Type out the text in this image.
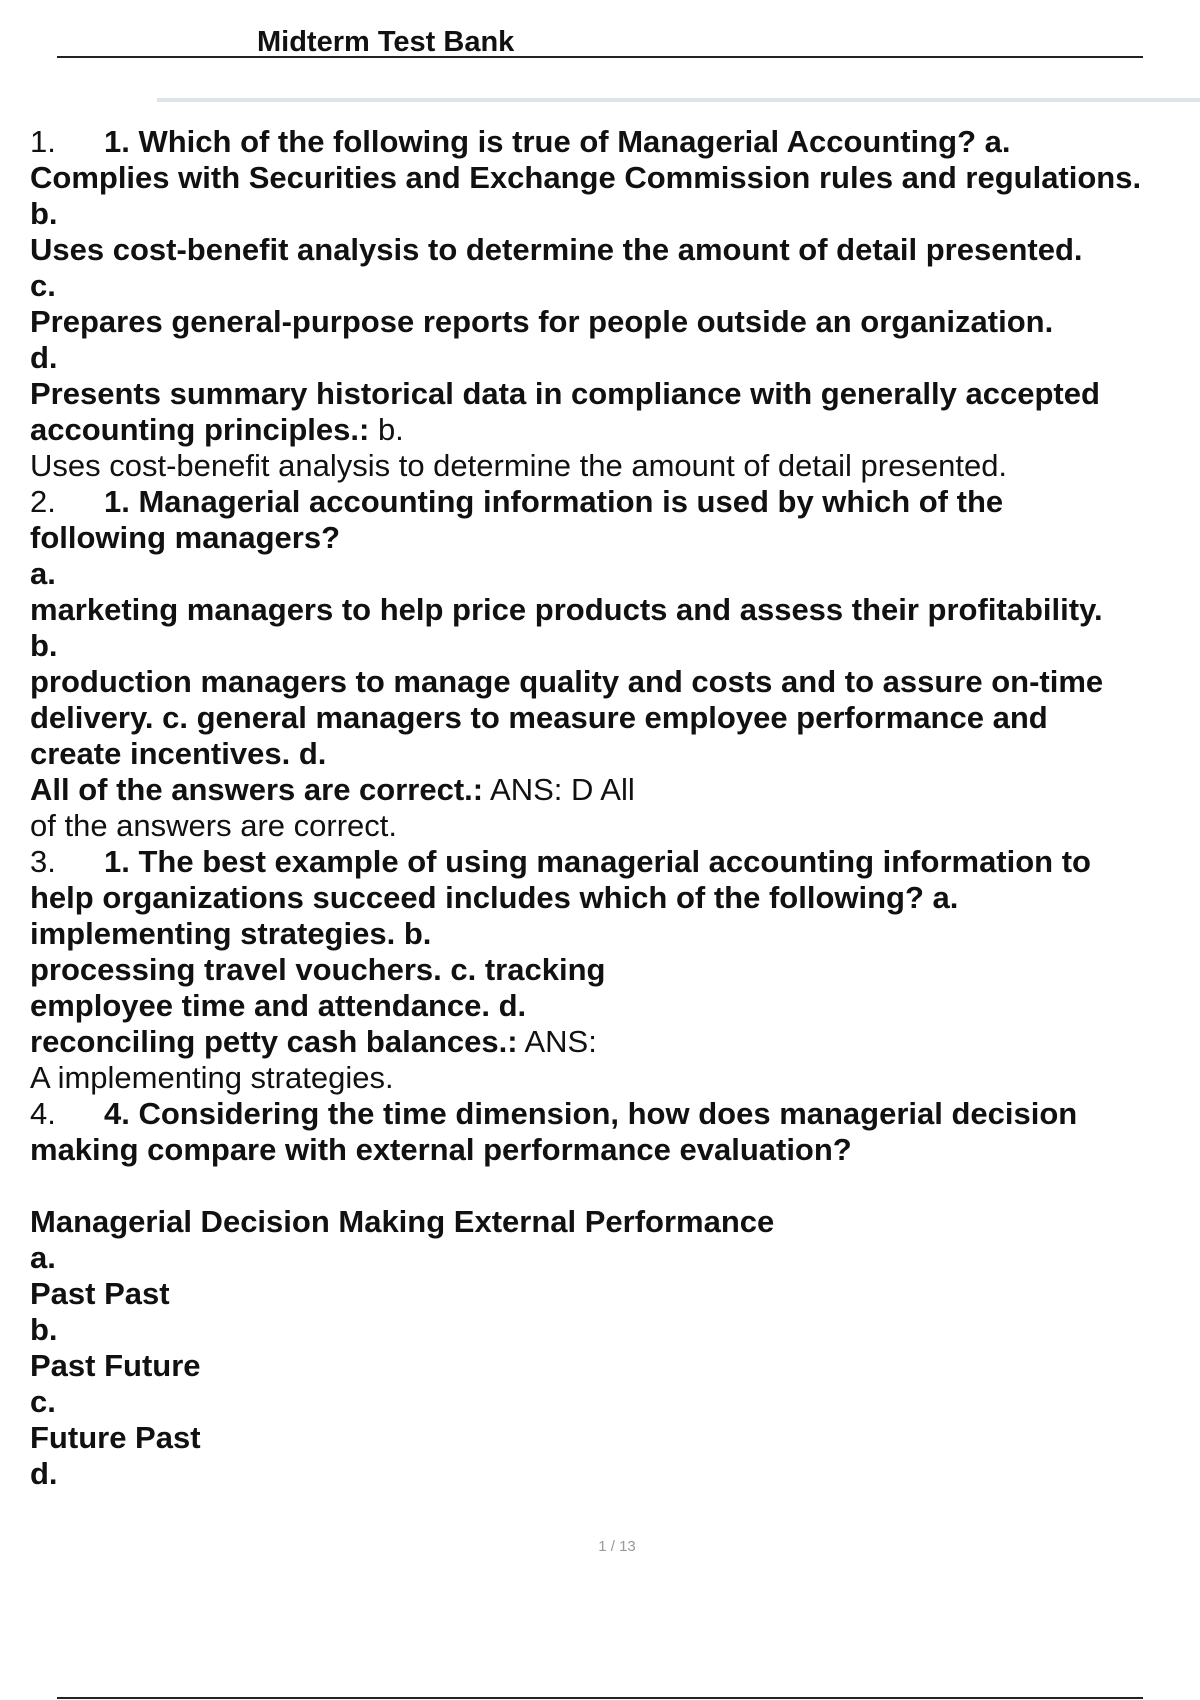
Midterm Test Bank
1. 1. Which of the following is true of Managerial Accounting? a.
Complies with Securities and Exchange Commission rules and regulations.
b.
Uses cost-benefit analysis to determine the amount of detail presented.
c.
Prepares general-purpose reports for people outside an organization.
d.
Presents summary historical data in compliance with generally accepted
accounting principles.: b.
Uses cost-benefit analysis to determine the amount of detail presented.
2. 1. Managerial accounting information is used by which of the
following managers?
a.
marketing managers to help price products and assess their profitability.
b.
production managers to manage quality and costs and to assure on-time
delivery. c. general managers to measure employee performance and
create incentives. d.
All of the answers are correct.: ANS: D All
of the answers are correct.
3. 1. The best example of using managerial accounting information to
help organizations succeed includes which of the following? a.
implementing strategies. b.
processing travel vouchers. c. tracking
employee time and attendance. d.
reconciling petty cash balances.: ANS:
A implementing strategies.
4. 4. Considering the time dimension, how does managerial decision
making compare with external performance evaluation?
Managerial Decision Making External Performance
a.
Past Past
b.
Past Future
c.
Future Past
d.
1 / 13
